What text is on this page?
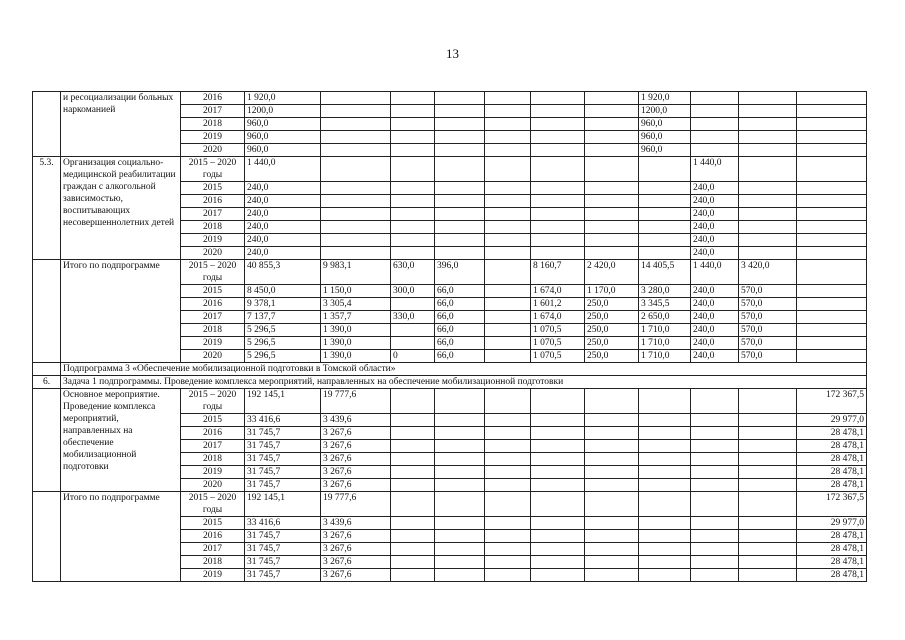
13
	и ресоциализации больных наркоманией	2016	1 920,0							1 920,0			
		2017	1200,0							1200,0			
		2018	960,0							960,0			
		2019	960,0							960,0			
		2020	960,0							960,0			
5.3.	Организация социально-медицинской реабилитации граждан с алкогольной зависимостью, воспитывающих несовершеннолетних детей	2015 – 2020 годы	1 440,0								1 440,0		
		2015	240,0								240,0		
		2016	240,0								240,0		
		2017	240,0								240,0		
		2018	240,0								240,0		
		2019	240,0								240,0		
		2020	240,0								240,0		
	Итого по подпрограмме	2015 – 2020 годы	40 855,3	9 983,1	630,0	396,0		8 160,7	2 420,0	14 405,5	1 440,0	3 420,0	
		2015	8 450,0	1 150,0	300,0	66,0		1 674,0	1 170,0	3 280,0	240,0	570,0	
		2016	9 378,1	3 305,4		66,0		1 601,2	250,0	3 345,5	240,0	570,0	
		2017	7 137,7	1 357,7	330,0	66,0		1 674,0	250,0	2 650,0	240,0	570,0	
		2018	5 296,5	1 390,0		66,0		1 070,5	250,0	1 710,0	240,0	570,0	
		2019	5 296,5	1 390,0		66,0		1 070,5	250,0	1 710,0	240,0	570,0	
		2020	5 296,5	1 390,0	0	66,0		1 070,5	250,0	1 710,0	240,0	570,0	
	Подпрограмма 3 «Обеспечение мобилизационной подготовки в Томской области»												
6.	Задача 1 подпрограммы. Проведение комплекса мероприятий, направленных на обеспечение мобилизационной подготовки												
	Основное мероприятие. Проведение комплекса мероприятий, направленных на обеспечение мобилизационной подготовки	2015 – 2020 годы	192 145,1	19 777,6									172 367,5
		2015	33 416,6	3 439,6									29 977,0
		2016	31 745,7	3 267,6									28 478,1
		2017	31 745,7	3 267,6									28 478,1
		2018	31 745,7	3 267,6									28 478,1
		2019	31 745,7	3 267,6									28 478,1
		2020	31 745,7	3 267,6									28 478,1
	Итого по подпрограмме	2015 – 2020 годы	192 145,1	19 777,6									172 367,5
		2015	33 416,6	3 439,6									29 977,0
		2016	31 745,7	3 267,6									28 478,1
		2017	31 745,7	3 267,6									28 478,1
		2018	31 745,7	3 267,6									28 478,1
		2019	31 745,7	3 267,6									28 478,1
